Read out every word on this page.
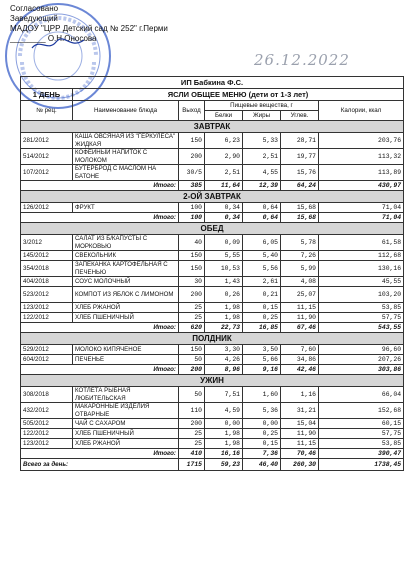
Согласовано
Заведующий
МАДОУ "ЦРР Детский сад № 252" г.Перми
________ О.Н.Оносова
26.12.2022
ИП Бабкина Ф.С.						
1 ДЕНЬ	ЯСЛИ ОБЩЕЕ МЕНЮ (дети от 1-3 лет)					
№ рец.	Наименование блюда	Выход	Пищевые вещества, г			Калории, ккал
			Белки	Жиры	Углев.	
ЗАВТРАК						
281/2012	КАША ОВСЯНАЯ ИЗ "ГЕРКУЛЕСА" ЖИДКАЯ	150	6,23	5,33	28,71	203,76
514/2012	КОФЕЙНЫЙ НАПИТОК С МОЛОКОМ	200	2,90	2,51	19,77	113,32
107/2012	БУТЕРБРОД С МАСЛОМ НА БАТОНЕ	30/5	2,51	4,55	15,76	113,89
Итого:		385	11,64	12,39	64,24	430,97
2-ОЙ ЗАВТРАК						
126/2012	ФРУКТ	100	0,34	0,64	15,68	71,04
Итого:		100	0,34	0,64	15,68	71,04
ОБЕД						
3/2012	САЛАТ ИЗ Б/КАПУСТЫ С МОРКОВЬЮ	40	0,09	6,05	5,78	61,58
145/2012	СВЕКОЛЬНИК	150	5,55	5,40	7,26	112,68
354/2018	ЗАПЕКАНКА КАРТОФЕЛЬНАЯ С ПЕЧЕНЬЮ	150	10,53	5,56	5,99	130,16
404/2018	СОУС МОЛОЧНЫЙ	30	1,43	2,61	4,08	45,55
523/2012	КОМПОТ ИЗ ЯБЛОК С ЛИМОНОМ	200	0,26	0,21	25,07	103,20
123/2012	ХЛЕБ РЖАНОЙ	25	1,98	0,15	11,15	53,85
122/2012	ХЛЕБ ПШЕНИЧНЫЙ	25	1,98	0,25	11,90	57,75
Итого:		620	22,73	16,85	67,46	543,55
ПОЛДНИК						
529/2012	МОЛОКО КИПЯЧЕНОЕ	150	3,30	3,50	7,60	96,60
604/2012	ПЕЧЕНЬЕ	50	4,26	5,66	34,86	207,26
Итого:		200	8,96	9,16	42,46	303,86
УЖИН						
308/2018	КОТЛЕТА РЫБНАЯ ЛЮБИТЕЛЬСКАЯ	50	7,51	1,60	1,16	66,04
432/2012	МАКАРОННЫЕ ИЗДЕЛИЯ ОТВАРНЫЕ	110	4,59	5,36	31,21	152,68
505/2012	ЧАЙ С САХАРОМ	200	0,00	0,00	15,04	60,15
122/2012	ХЛЕБ ПШЕНИЧНЫЙ	25	1,98	0,25	11,90	57,75
123/2012	ХЛЕБ РЖАНОЙ	25	1,98	0,15	11,15	53,85
Итого:		410	16,16	7,36	70,46	390,47
Всего за день:		1715	59,23	46,40	260,30	1738,45
